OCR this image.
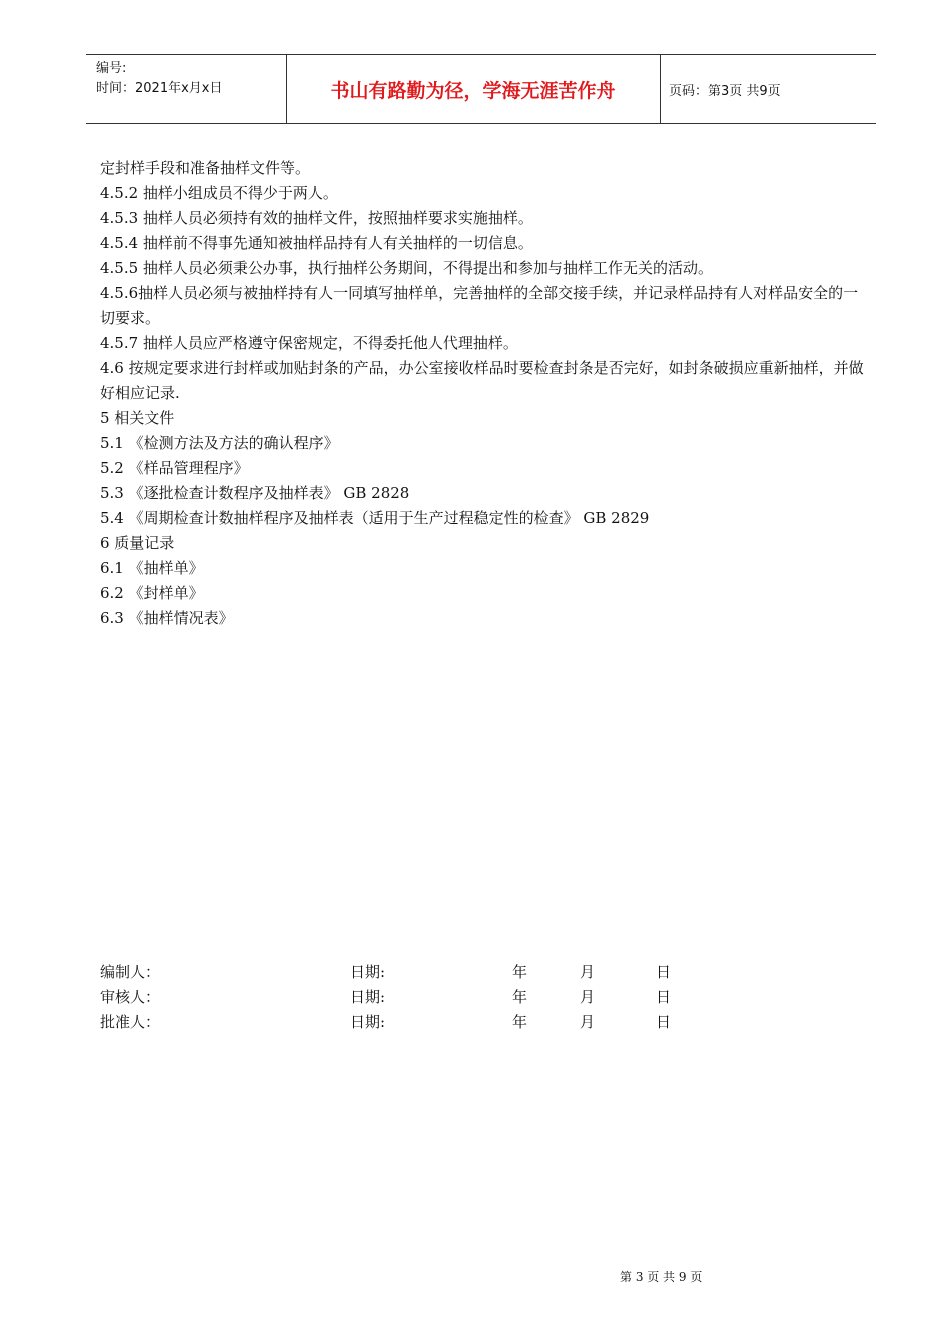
编号:
时间：2021年x月x日	书山有路勤为径，学海无涯苦作舟	页码：第3页 共9页

定封样手段和准备抽样文件等。

4.5.2 抽样小组成员不得少于两人。

4.5.3 抽样人员必须持有效的抽样文件，按照抽样要求实施抽样。

4.5.4 抽样前不得事先通知被抽样品持有人有关抽样的一切信息。

4.5.5 抽样人员必须秉公办事，执行抽样公务期间，不得提出和参加与抽样工作无关的活动。

4.5.6抽样人员必须与被抽样持有人一同填写抽样单，完善抽样的全部交接手续，并记录样品持有人对样品安全的一切要求。

4.5.7 抽样人员应严格遵守保密规定，不得委托他人代理抽样。

4.6 按规定要求进行封样或加贴封条的产品，办公室接收样品时要检查封条是否完好，如封条破损应重新抽样，并做好相应记录.

5 相关文件

5.1 《检测方法及方法的确认程序》

5.2 《样品管理程序》

5.3 《逐批检查计数程序及抽样表》 GB 2828

5.4 《周期检查计数抽样程序及抽样表（适用于生产过程稳定性的检查》 GB 2829

6 质量记录

6.1 《抽样单》

6.2 《封样单》

6.3 《抽样情况表》

编制人：	日期:	年	月	日
审核人：	日期:	年	月	日
批准人：	日期:	年	月	日
第 3 页 共 9 页
